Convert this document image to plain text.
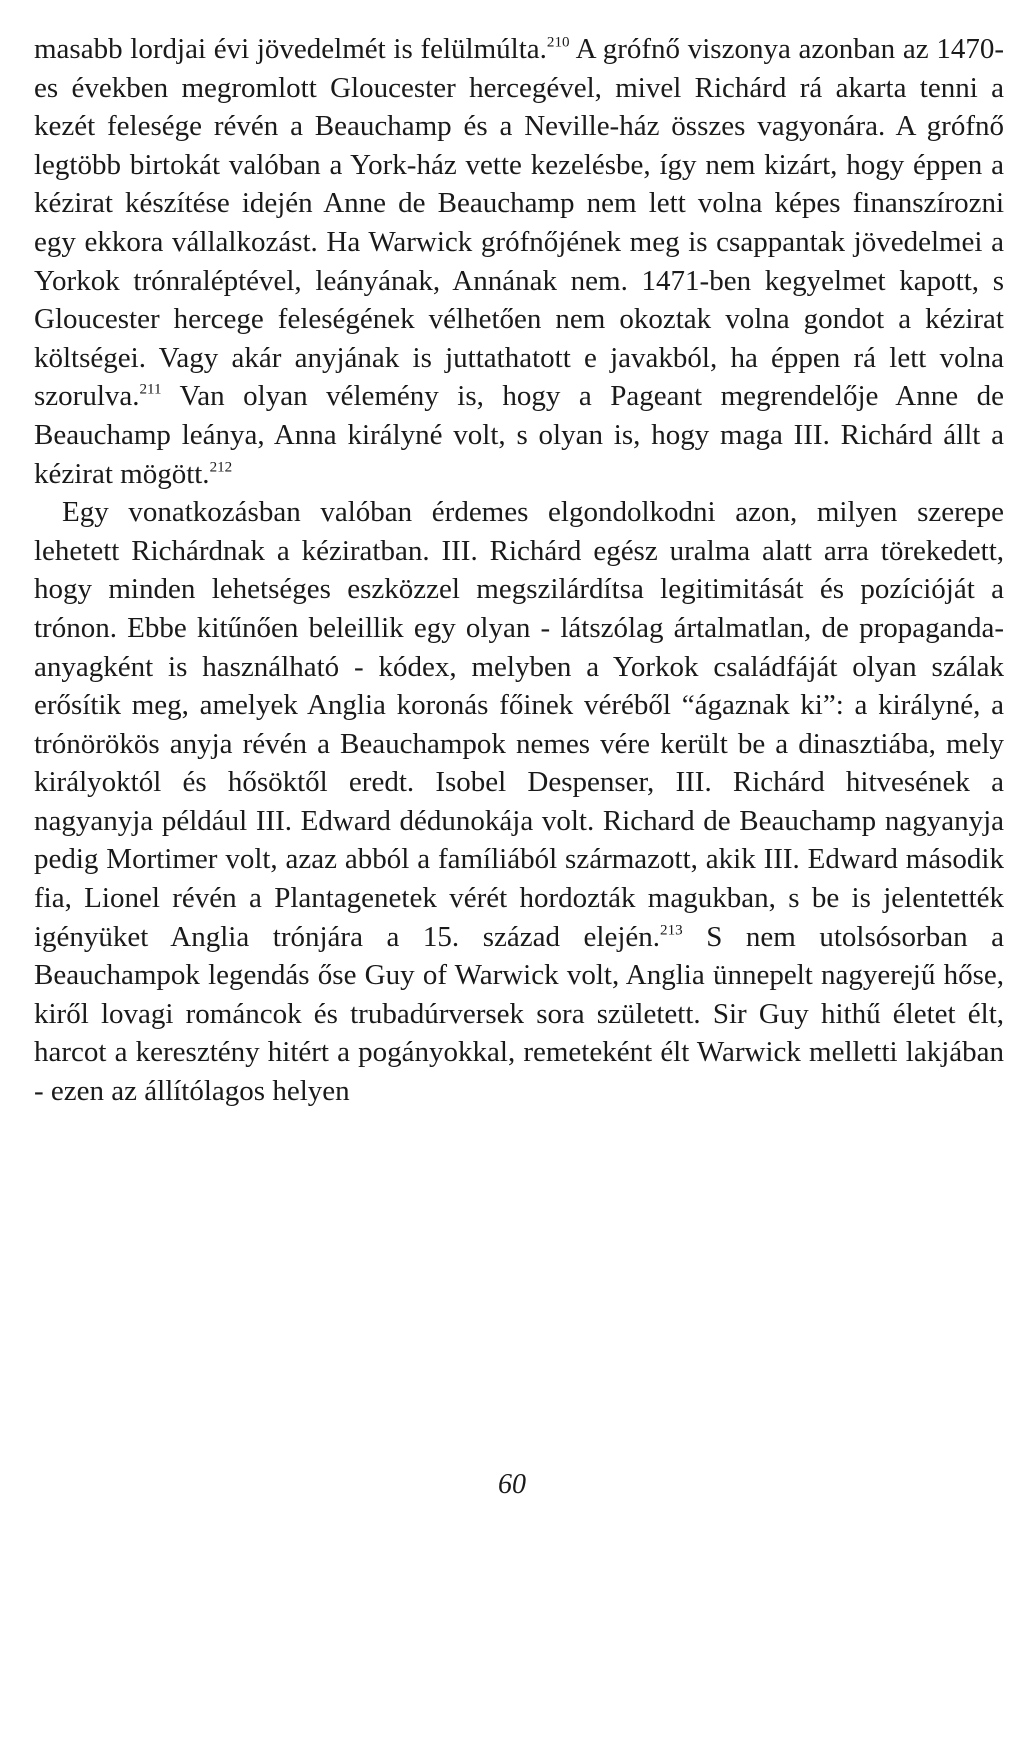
masabb lordjai évi jövedelmét is felülmúlta.$^{210}$ A grófnő viszonya azonban az 1470-es években megromlott Gloucester hercegével, mivel Richárd rá akarta tenni a kezét felesége révén a Beauchamp és a Neville-ház összes vagyonára. A grófnő legtöbb birtokát valóban a York-ház vette kezelésbe, így nem kizárt, hogy éppen a kézirat készítése idején Anne de Beauchamp nem lett volna képes finanszírozni egy ekkora vállalkozást. Ha Warwick grófnőjének meg is csappantak jövedelmei a Yorkok trónraléptével, leányának, Annának nem. 1471-ben kegyelmet kapott, s Gloucester hercege feleségének vélhetően nem okoztak volna gondot a kézirat költségei. Vagy akár anyjának is juttathatott e javakból, ha éppen rá lett volna szorulva.$^{211}$ Van olyan vélemény is, hogy a Pageant megrendelője Anne de Beauchamp leánya, Anna királyné volt, s olyan is, hogy maga III. Richárd állt a kézirat mögött.$^{212}$

Egy vonatkozásban valóban érdemes elgondolkodni azon, milyen szerepe lehetett Richárdnak a kéziratban. III. Richárd egész uralma alatt arra törekedett, hogy minden lehetséges eszközzel megszilárdítsa legitimitását és pozícióját a trónon. Ebbe kitűnően beleillik egy olyan - látszólag ártalmatlan, de propaganda-anyagként is használható - kódex, melyben a Yorkok családfáját olyan szálak erősítik meg, amelyek Anglia koronás főinek véréből “ágaznak ki”: a királyné, a trónörökös anyja révén a Beauchampok nemes vére került be a dinasztiába, mely királyoktól és hősöktől eredt. Isobel Despenser, III. Richárd hitvesének a nagyanyja például III. Edward dédunokája volt. Richard de Beauchamp nagyanyja pedig Mortimer volt, azaz abból a famíliából származott, akik III. Edward második fia, Lionel révén a Plantagenetek vérét hordozták magukban, s be is jelentették igényüket Anglia trónjára a 15. század elején.$^{213}$ S nem utolsósorban a Beauchampok legendás őse Guy of Warwick volt, Anglia ünnepelt nagyerejű hőse, kiről lovagi románcok és trubadúrversek sora született. Sir Guy hithű életet élt, harcot a keresztény hitért a pogányokkal, remeteként élt Warwick melletti lakjában - ezen az állítólagos helyen

60
